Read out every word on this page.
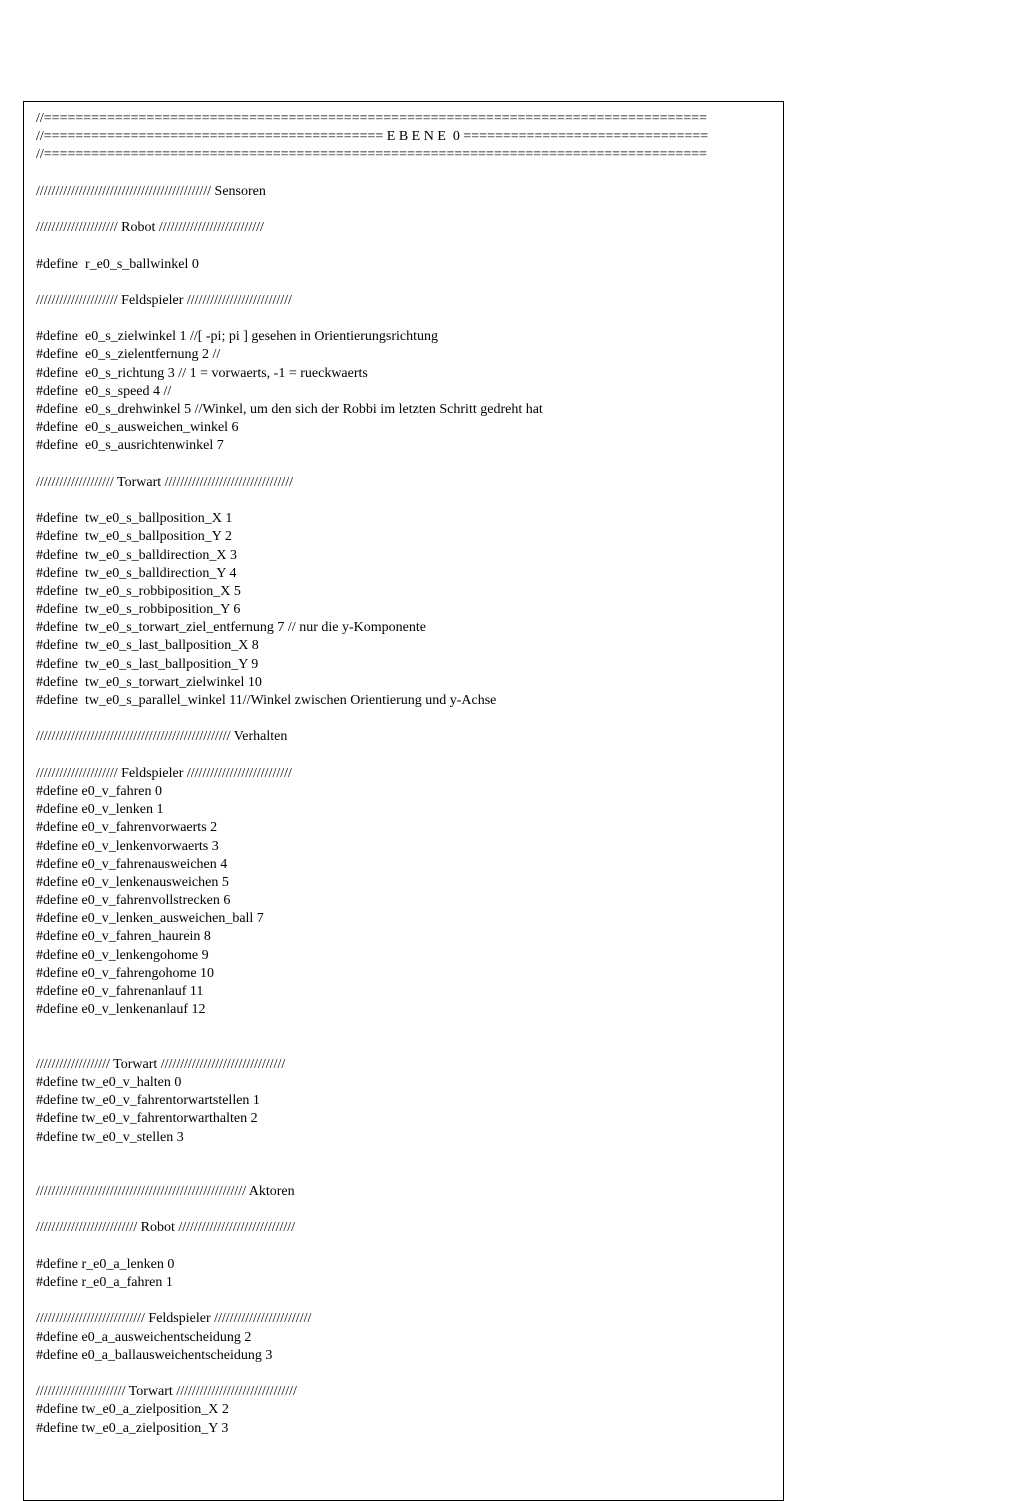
//====================================================================================
//=========================================== E B E N E  0 ===============================
//====================================================================================
///////////////////////////////////////////// Sensoren
///////////////////// Robot ///////////////////////////
#define  r_e0_s_ballwinkel 0
///////////////////// Feldspieler ///////////////////////////
#define  e0_s_zielwinkel 1 //[ -pi; pi ] gesehen in Orientierungsrichtung
#define  e0_s_zielentfernung 2 //
#define  e0_s_richtung 3 // 1 = vorwaerts, -1 = rueckwaerts
#define  e0_s_speed 4 //
#define  e0_s_drehwinkel 5 //Winkel, um den sich der Robbi im letzten Schritt gedreht hat
#define  e0_s_ausweichen_winkel 6
#define  e0_s_ausrichtenwinkel 7
//////////////////// Torwart /////////////////////////////////
#define  tw_e0_s_ballposition_X 1
#define  tw_e0_s_ballposition_Y 2
#define  tw_e0_s_balldirection_X 3
#define  tw_e0_s_balldirection_Y 4
#define  tw_e0_s_robbiposition_X 5
#define  tw_e0_s_robbiposition_Y 6
#define  tw_e0_s_torwart_ziel_entfernung 7 // nur die y-Komponente
#define  tw_e0_s_last_ballposition_X 8
#define  tw_e0_s_last_ballposition_Y 9
#define  tw_e0_s_torwart_zielwinkel 10
#define  tw_e0_s_parallel_winkel 11//Winkel zwischen Orientierung und y-Achse
////////////////////////////////////////////////// Verhalten
///////////////////// Feldspieler ///////////////////////////
#define e0_v_fahren 0
#define e0_v_lenken 1
#define e0_v_fahrenvorwaerts 2
#define e0_v_lenkenvorwaerts 3
#define e0_v_fahrenausweichen 4
#define e0_v_lenkenausweichen 5
#define e0_v_fahrenvollstrecken 6
#define e0_v_lenken_ausweichen_ball 7
#define e0_v_fahren_haurein 8
#define e0_v_lenkengohome 9
#define e0_v_fahrengohome 10
#define e0_v_fahrenanlauf 11
#define e0_v_lenkenanlauf 12
/////////////////// Torwart ////////////////////////////////
#define tw_e0_v_halten 0
#define tw_e0_v_fahrentorwartstellen 1
#define tw_e0_v_fahrentorwarthalten 2
#define tw_e0_v_stellen 3
////////////////////////////////////////////////////// Aktoren
////////////////////////// Robot //////////////////////////////
#define r_e0_a_lenken 0
#define r_e0_a_fahren 1
//////////////////////////// Feldspieler /////////////////////////
#define e0_a_ausweichentscheidung 2
#define e0_a_ballausweichentscheidung 3
/////////////////////// Torwart ///////////////////////////////
#define tw_e0_a_zielposition_X 2
#define tw_e0_a_zielposition_Y 3
